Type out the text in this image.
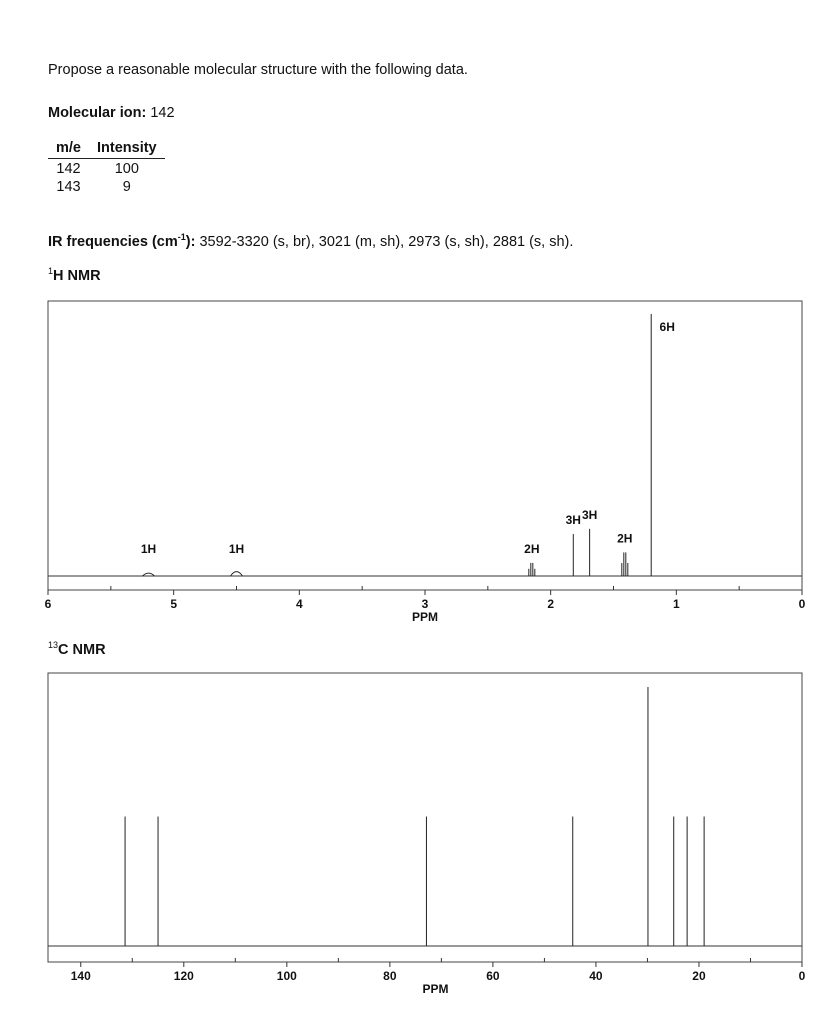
Propose a reasonable molecular structure with the following data.
Molecular ion: 142
m/e	Intensity
142	100
143	9
IR frequencies $(cm^{-1})$: 3592-3320 (s, br), 3021 (m, sh), 2973 (s, sh), 2881 (s, sh).
$^1$H NMR
$^{13}$C NMR
6	5	4	3	2	1	0
PPM
1H	1H	2H
3H 3H
2H
6H
140	120	100	80	60	40	20	0
PPM
